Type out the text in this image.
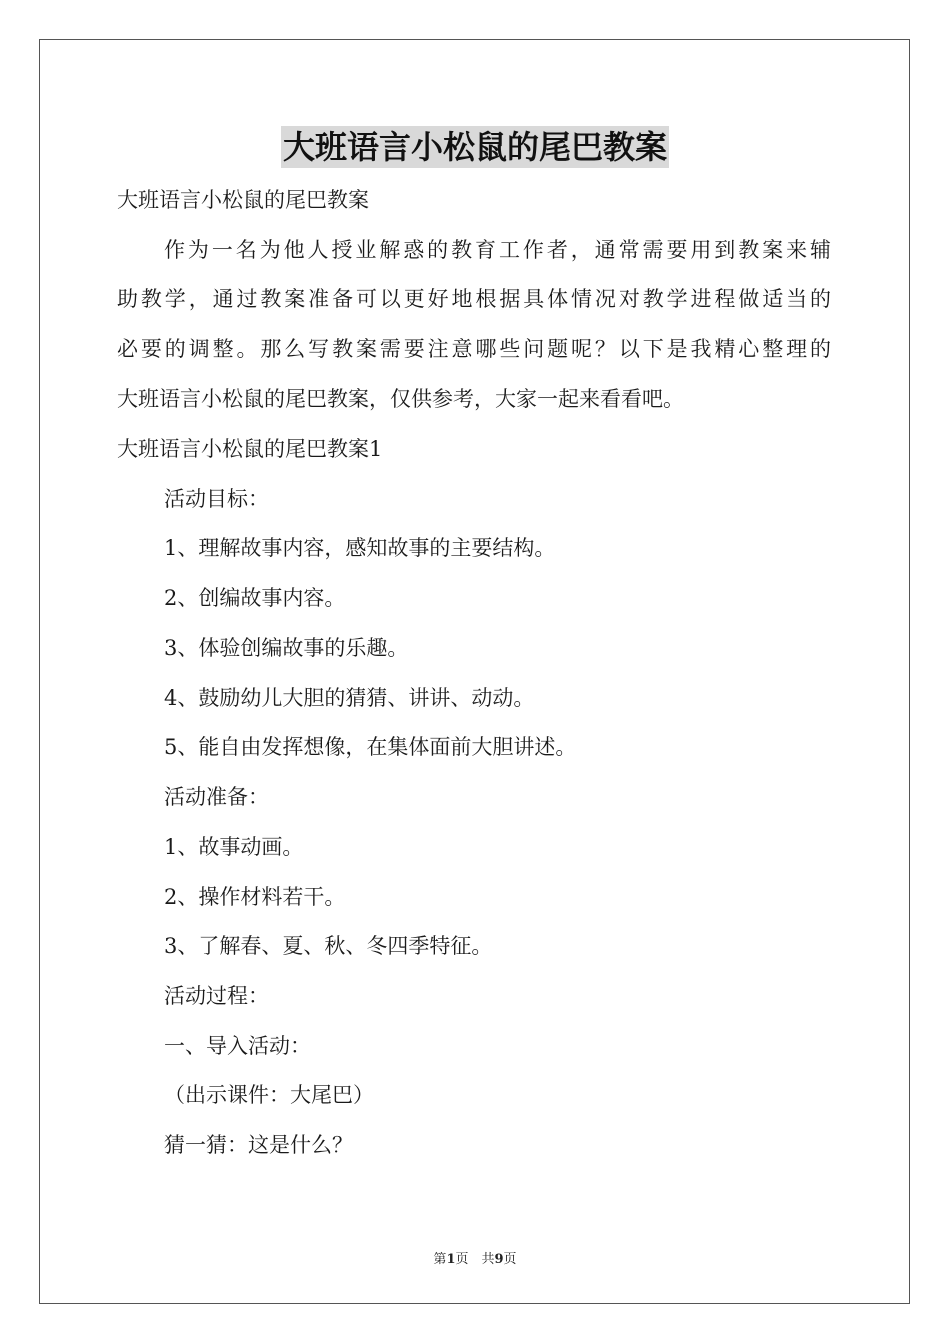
大班语言小松鼠的尾巴教案

大班语言小松鼠的尾巴教案

作为一名为他人授业解惑的教育工作者，通常需要用到教案来辅

助教学，通过教案准备可以更好地根据具体情况对教学进程做适当的

必要的调整。那么写教案需要注意哪些问题呢？以下是我精心整理的

大班语言小松鼠的尾巴教案，仅供参考，大家一起来看看吧。

大班语言小松鼠的尾巴教案1

活动目标：

1、理解故事内容，感知故事的主要结构。

2、创编故事内容。

3、体验创编故事的乐趣。

4、鼓励幼儿大胆的猜猜、讲讲、动动。

5、能自由发挥想像，在集体面前大胆讲述。

活动准备：

1、故事动画。

2、操作材料若干。

3、了解春、夏、秋、冬四季特征。

活动过程：

一、导入活动：

（出示课件：大尾巴）

猜一猜：这是什么？

第1页　共9页
